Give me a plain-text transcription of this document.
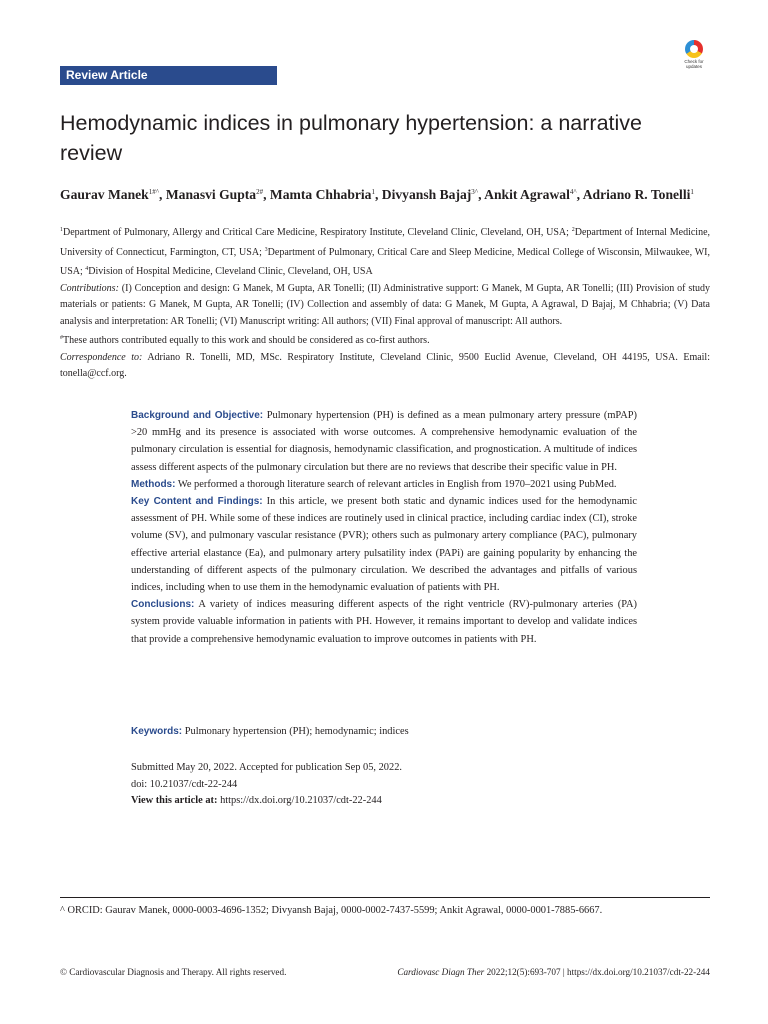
Review Article
Check for
updates
Hemodynamic indices in pulmonary hypertension: a narrative review
Gaurav Manek$^{1\#\^{}}$, Manasvi Gupta$^{2\#}$, Mamta Chhabria$^1$, Divyansh Bajaj$^{3\^{}}$, Ankit Agrawal$^{4\^{}}$, Adriano R. Tonelli$^1$

$^1$Department of Pulmonary, Allergy and Critical Care Medicine, Respiratory Institute, Cleveland Clinic, Cleveland, OH, USA; $^2$Department of Internal Medicine, University of Connecticut, Farmington, CT, USA; $^3$Department of Pulmonary, Critical Care and Sleep Medicine, Medical College of Wisconsin, Milwaukee, WI, USA; $^4$Division of Hospital Medicine, Cleveland Clinic, Cleveland, OH, USA

Contributions: (I) Conception and design: G Manek, M Gupta, AR Tonelli; (II) Administrative support: G Manek, M Gupta, AR Tonelli; (III) Provision of study materials or patients: G Manek, M Gupta, AR Tonelli; (IV) Collection and assembly of data: G Manek, M Gupta, A Agrawal, D Bajaj, M Chhabria; (V) Data analysis and interpretation: AR Tonelli; (VI) Manuscript writing: All authors; (VII) Final approval of manuscript: All authors.

#These authors contributed equally to this work and should be considered as co-first authors.

Correspondence to: Adriano R. Tonelli, MD, MSc. Respiratory Institute, Cleveland Clinic, 9500 Euclid Avenue, Cleveland, OH 44195, USA. Email: tonella@ccf.org.

Background and Objective: Pulmonary hypertension (PH) is defined as a mean pulmonary artery pressure (mPAP) >20 mmHg and its presence is associated with worse outcomes. A comprehensive hemodynamic evaluation of the pulmonary circulation is essential for diagnosis, hemodynamic classification, and prognostication. A multitude of indices assess different aspects of the pulmonary circulation but there are no reviews that describe their specific value in PH.

Methods: We performed a thorough literature search of relevant articles in English from 1970–2021 using PubMed.

Key Content and Findings: In this article, we present both static and dynamic indices used for the hemodynamic assessment of PH. While some of these indices are routinely used in clinical practice, including cardiac index (CI), stroke volume (SV), and pulmonary vascular resistance (PVR); others such as pulmonary artery compliance (PAC), pulmonary effective arterial elastance (Ea), and pulmonary artery pulsatility index (PAPi) are gaining popularity by enhancing the understanding of different aspects of the pulmonary circulation. We described the advantages and pitfalls of various indices, including when to use them in the hemodynamic evaluation of patients with PH.

Conclusions: A variety of indices measuring different aspects of the right ventricle (RV)-pulmonary arteries (PA) system provide valuable information in patients with PH. However, it remains important to develop and validate indices that provide a comprehensive hemodynamic evaluation to improve outcomes in patients with PH.

Keywords: Pulmonary hypertension (PH); hemodynamic; indices
Submitted May 20, 2022. Accepted for publication Sep 05, 2022.
doi: 10.21037/cdt-22-244
View this article at: https://dx.doi.org/10.21037/cdt-22-244
^ ORCID: Gaurav Manek, 0000-0003-4696-1352; Divyansh Bajaj, 0000-0002-7437-5599; Ankit Agrawal, 0000-0001-7885-6667.
© Cardiovascular Diagnosis and Therapy. All rights reserved.	Cardiovasc Diagn Ther 2022;12(5):693-707 | https://dx.doi.org/10.21037/cdt-22-244
